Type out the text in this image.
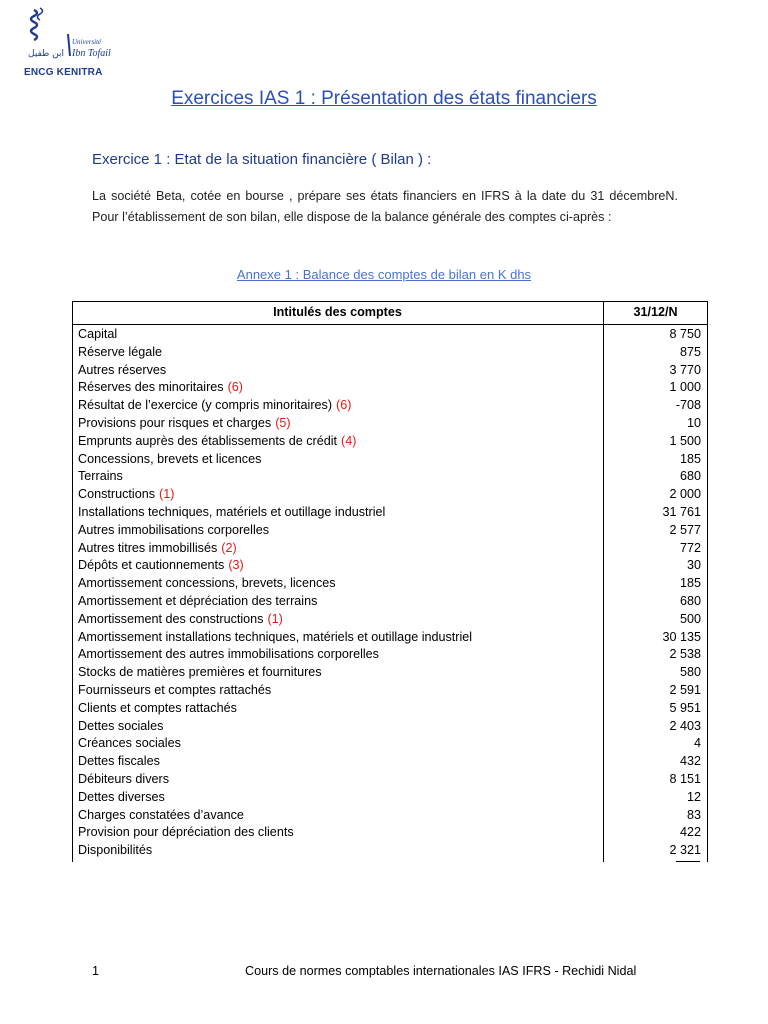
ابن طفيل
Université
Ibn Tofail
ENCG KENITRA
Exercices IAS 1 : Présentation des états financiers
Exercice 1 : Etat de la situation financière ( Bilan ) :
La société Beta, cotée en bourse , prépare ses états financiers en IFRS à la date du 31 décembreN. Pour l’établissement de son bilan, elle dispose de la balance générale des comptes ci-après :
Annexe 1 : Balance des comptes de bilan en K dhs
Intitulés des comptes	31/12/N
Capital	8 750
Réserve légale	875
Autres réserves	3 770
Réserves des minoritaires (6)	1 000
Résultat de l’exercice (y compris minoritaires) (6)	-708
Provisions pour risques et charges (5)	10
Emprunts auprès des établissements de crédit (4)	1 500
Concessions, brevets et licences	185
Terrains	680
Constructions (1)	2 000
Installations techniques, matériels et outillage industriel	31 761
Autres immobilisations corporelles	2 577
Autres titres immobillisés (2)	772
Dépôts et cautionnements (3)	30
Amortissement concessions, brevets, licences	185
Amortissement et dépréciation des terrains	680
Amortissement des constructions (1)	500
Amortissement installations techniques, matériels et outillage industriel	30 135
Amortissement des autres immobilisations corporelles	2 538
Stocks de matières premières et fournitures	580
Fournisseurs et comptes rattachés	2 591
Clients et comptes rattachés	5 951
Dettes sociales	2 403
Créances sociales	4
Dettes fiscales	432
Débiteurs divers	8 151
Dettes diverses	12
Charges constatées d’avance	83
Provision pour dépréciation des clients	422
Disponibilités	2 321
1	Cours de normes comptables internationales IAS IFRS - Rechidi Nidal
